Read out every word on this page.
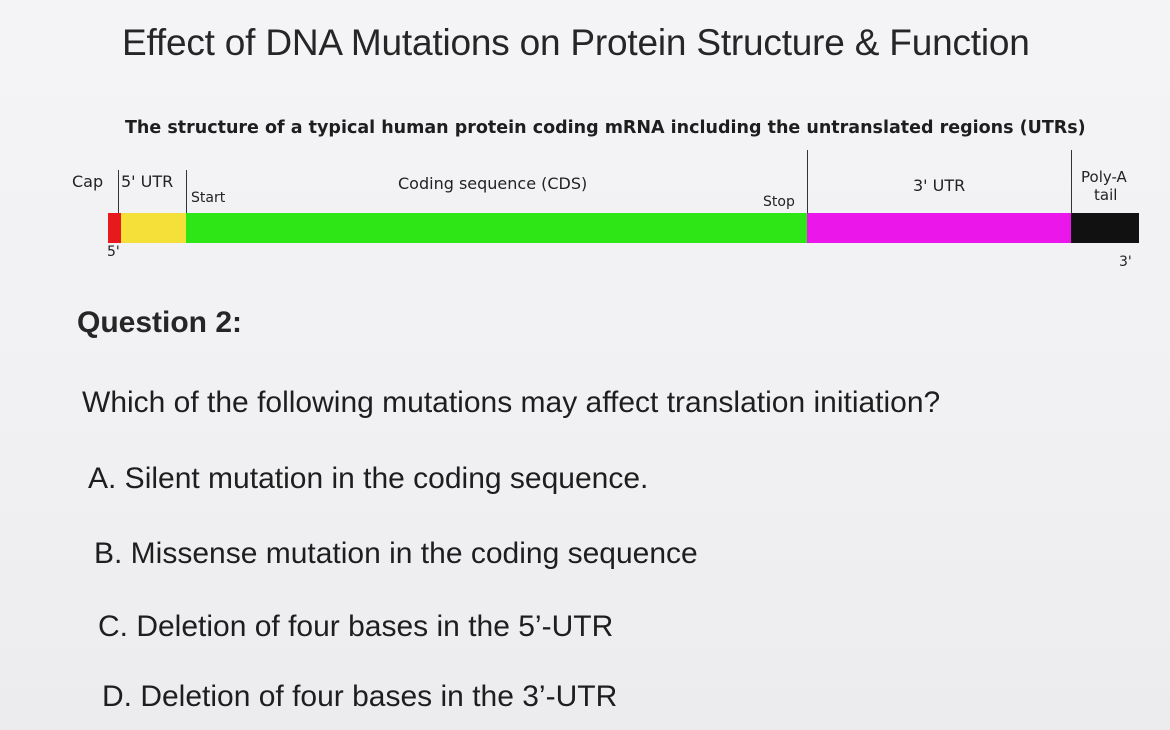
Effect of DNA Mutations on Protein Structure & Function
The structure of a typical human protein coding mRNA including the untranslated regions (UTRs)
Cap 5' UTR
Start
Coding sequence (CDS)
Stop
3' UTR	Poly-A
tail
5'
3'
Question 2:
Which of the following mutations may affect translation initiation?
A. Silent mutation in the coding sequence.
B. Missense mutation in the coding sequence
C. Deletion of four bases in the 5’-UTR
D. Deletion of four bases in the 3’-UTR
